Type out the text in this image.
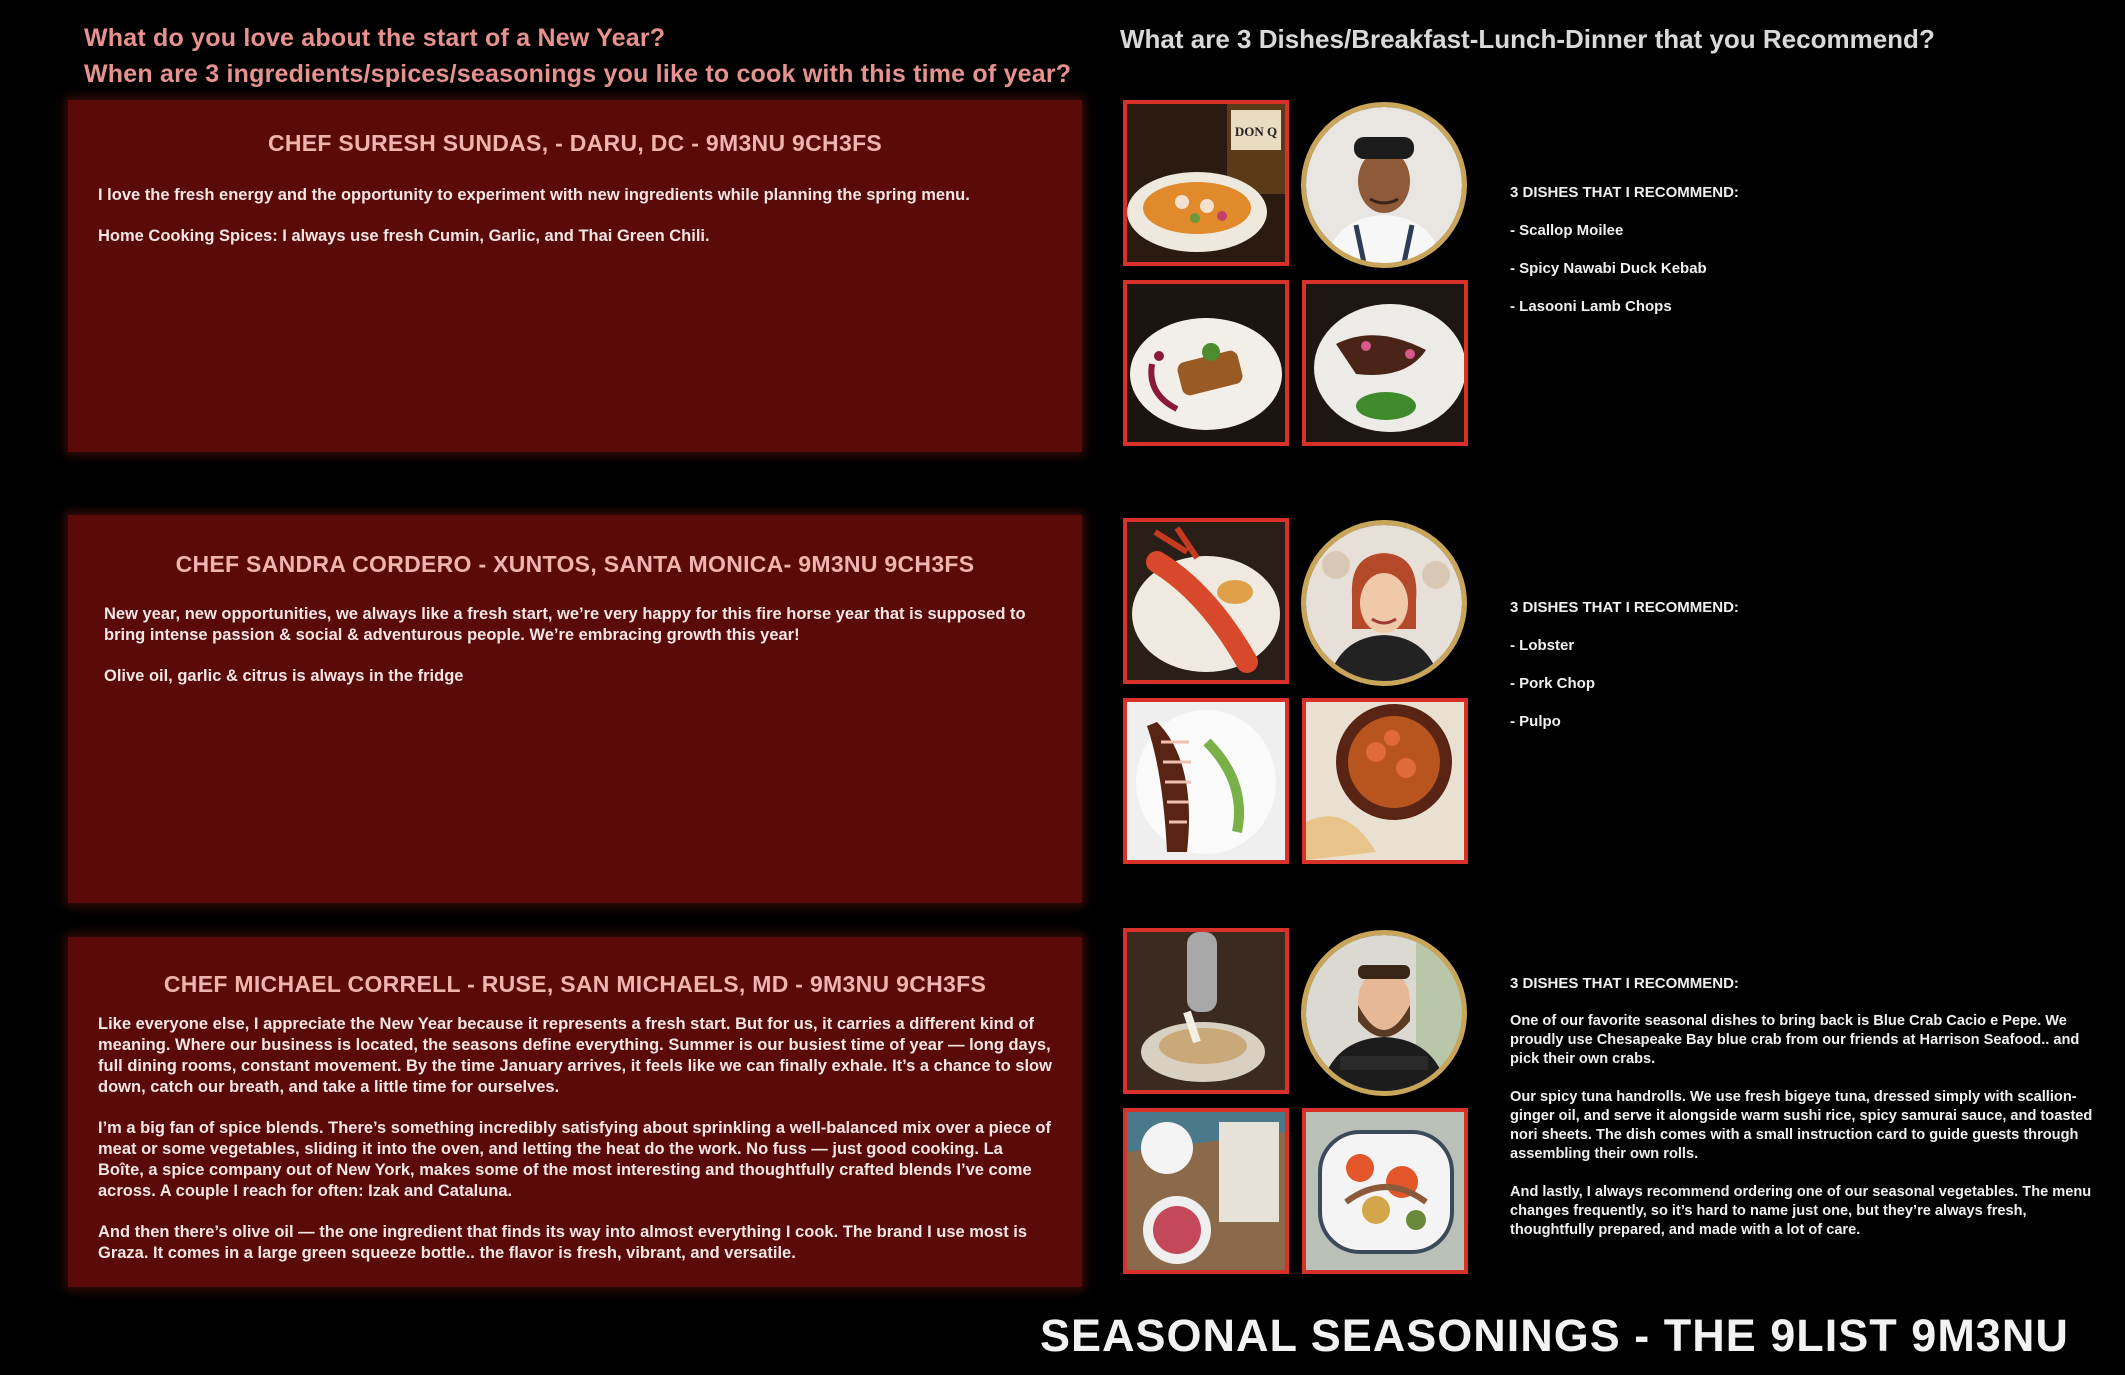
What do you love about the start of a New Year?
When are 3 ingredients/spices/seasonings you like to cook with this time of year?
What are 3 Dishes/Breakfast-Lunch-Dinner that you Recommend?
CHEF SURESH SUNDAS, - DARU, DC - 9M3NU 9CH3FS

I love the fresh energy and the opportunity to experiment with new ingredients while planning the spring menu.

Home Cooking Spices: I always use fresh Cumin, Garlic, and Thai Green Chili.

CHEF SANDRA CORDERO - XUNTOS, SANTA MONICA- 9M3NU 9CH3FS

New year, new opportunities, we always like a fresh start, we’re very happy for this fire horse year that is supposed to bring intense passion & social & adventurous people. We’re embracing growth this year!

Olive oil, garlic & citrus is always in the fridge

CHEF MICHAEL CORRELL - RUSE, SAN MICHAELS, MD - 9M3NU 9CH3FS

Like everyone else, I appreciate the New Year because it represents a fresh start. But for us, it carries a different kind of meaning. Where our business is located, the seasons define everything. Summer is our busiest time of year — long days, full dining rooms, constant movement. By the time January arrives, it feels like we can finally exhale. It’s a chance to slow down, catch our breath, and take a little time for ourselves.

I’m a big fan of spice blends. There’s something incredibly satisfying about sprinkling a well-balanced mix over a piece of meat or some vegetables, sliding it into the oven, and letting the heat do the work. No fuss — just good cooking. La Boîte, a spice company out of New York, makes some of the most interesting and thoughtfully crafted blends I’ve come across. A couple I reach for often: Izak and Cataluna.

And then there’s olive oil — the one ingredient that finds its way into almost everything I cook. The brand I use most is Graza. It comes in a large green squeeze bottle.. the flavor is fresh, vibrant, and versatile.

DON Q
3 DISHES THAT I RECOMMEND:
- Scallop Moilee
- Spicy Nawabi Duck Kebab
- Lasooni Lamb Chops
3 DISHES THAT I RECOMMEND:
- Lobster
- Pork Chop
- Pulpo
3 DISHES THAT I RECOMMEND:

One of our favorite seasonal dishes to bring back is Blue Crab Cacio e Pepe. We proudly use Chesapeake Bay blue crab from our friends at Harrison Seafood.. and pick their own crabs.

Our spicy tuna handrolls. We use fresh bigeye tuna, dressed simply with scallion-ginger oil, and serve it alongside warm sushi rice, spicy samurai sauce, and toasted nori sheets. The dish comes with a small instruction card to guide guests through assembling their own rolls.

And lastly, I always recommend ordering one of our seasonal vegetables. The menu changes frequently, so it’s hard to name just one, but they’re always fresh, thoughtfully prepared, and made with a lot of care.

SEASONAL SEASONINGS - THE 9LIST 9M3NU
